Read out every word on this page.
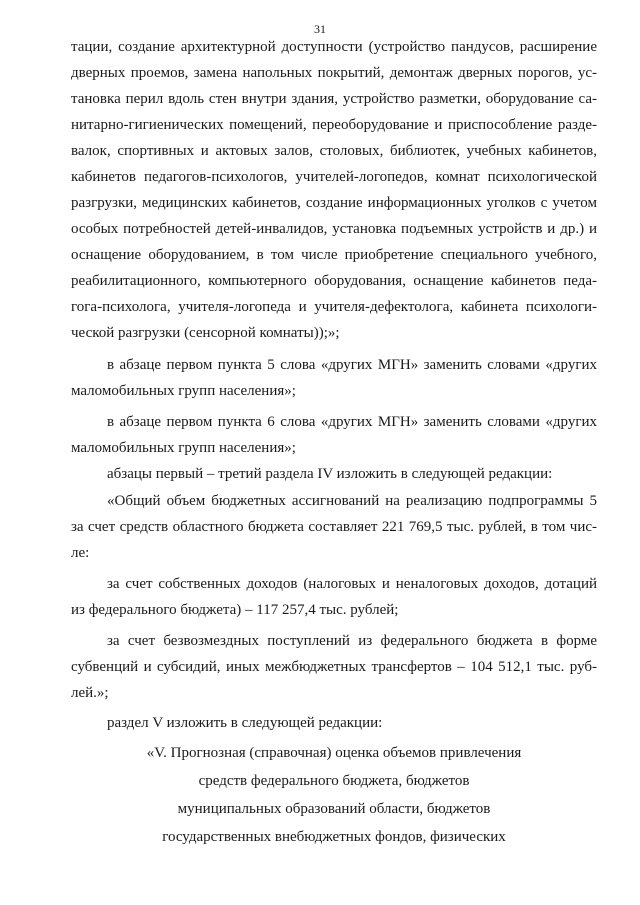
31
тации, создание архитектурной доступности (устройство пандусов, расширение
дверных проемов, замена напольных покрытий, демонтаж дверных порогов, ус-
тановка перил вдоль стен внутри здания, устройство разметки, оборудование са-
нитарно-гигиенических помещений, переоборудование и приспособление разде-
валок, спортивных и актовых залов, столовых, библиотек, учебных кабинетов,
кабинетов педагогов-психологов, учителей-логопедов, комнат психологической
разгрузки, медицинских кабинетов, создание информационных уголков с учетом
особых потребностей детей-инвалидов, установка подъемных устройств и др.) и
оснащение оборудованием, в том числе приобретение специального учебного,
реабилитационного, компьютерного оборудования, оснащение кабинетов педа-
гога-психолога, учителя-логопеда и учителя-дефектолога, кабинета психологи-
ческой разгрузки (сенсорной комнаты));»;
в абзаце первом пункта 5 слова «других МГН» заменить словами «других
маломобильных групп населения»;
в абзаце первом пункта 6 слова «других МГН» заменить словами «других
маломобильных групп населения»;
абзацы первый – третий раздела IV изложить в следующей редакции:
«Общий объем бюджетных ассигнований на реализацию подпрограммы 5
за счет средств областного бюджета составляет 221 769,5 тыс. рублей, в том чис-
ле:
за счет собственных доходов (налоговых и неналоговых доходов, дотаций
из федерального бюджета) – 117 257,4 тыс. рублей;
за счет безвозмездных поступлений из федерального бюджета в форме
субвенций и субсидий, иных межбюджетных трансфертов – 104 512,1 тыс. руб-
лей.»;
раздел V изложить в следующей редакции:
«V. Прогнозная (справочная) оценка объемов привлечения
средств федерального бюджета, бюджетов
муниципальных образований области, бюджетов
государственных внебюджетных фондов, физических
